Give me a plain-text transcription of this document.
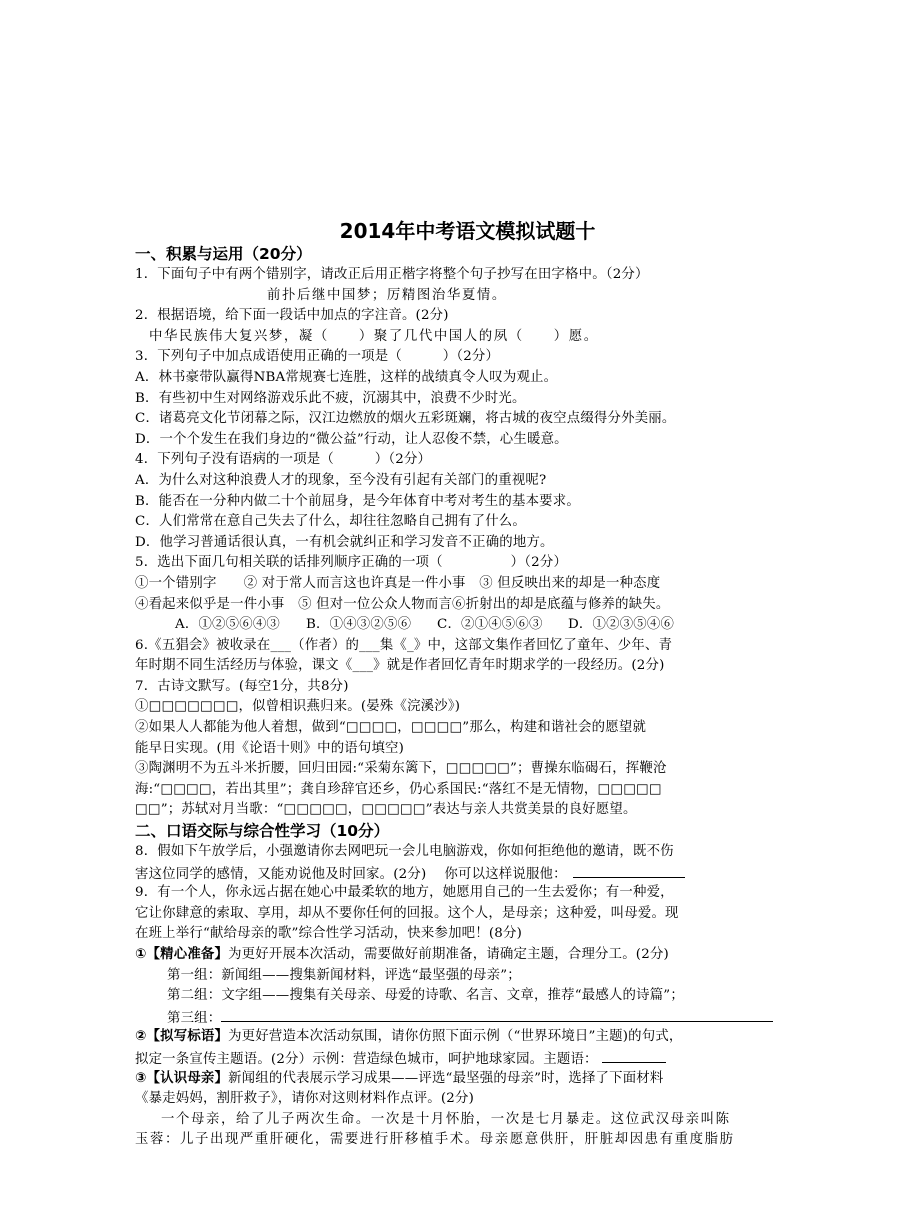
2014年中考语文模拟试题十
一、积累与运用（20分）
1．下面句子中有两个错别字，请改正后用正楷字将整个句子抄写在田字格中。（2分）
前扑后继中国梦；厉精图治华夏情。
2．根据语境，给下面一段话中加点的字注音。(2分)
中华民族伟大复兴梦，凝（　　）聚了几代中国人的夙（　　）愿。
3．下列句子中加点成语使用正确的一项是（　　　）（2分）
A．林书豪带队赢得NBA常规赛七连胜，这样的战绩真令人叹为观止。
B．有些初中生对网络游戏乐此不疲，沉溺其中，浪费不少时光。
C．诸葛亮文化节闭幕之际，汉江边燃放的烟火五彩斑斓，将古城的夜空点缀得分外美丽。
D．一个个发生在我们身边的“微公益”行动，让人忍俊不禁，心生暖意。
4．下列句子没有语病的一项是（　　　）（2分）
A．为什么对这种浪费人才的现象，至今没有引起有关部门的重视呢?
B．能否在一分种内做二十个前屈身，是今年体育中考对考生的基本要求。
C．人们常常在意自己失去了什么，却往往忽略自己拥有了什么。
D．他学习普通话很认真，一有机会就纠正和学习发音不正确的地方。
5．选出下面几句相关联的话排列顺序正确的一项（　　　　　）（2分）
①一个错别字　　② 对于常人而言这也许真是一件小事　③ 但反映出来的却是一种态度
④看起来似乎是一件小事　⑤ 但对一位公众人物而言⑥折射出的却是底蕴与修养的缺失。
A．①②⑤⑥④③ B．①④③②⑤⑥ C．②①④⑤⑥③ D．①②③⑤④⑥
6.《五猖会》被收录在___（作者）的___集《_》中，这部文集作者回忆了童年、少年、青
年时期不同生活经历与体验，课文《___》就是作者回忆青年时期求学的一段经历。(2分)
7．古诗文默写。(每空1分，共8分)
①□□□□□□□，似曾相识燕归来。(晏殊《浣溪沙》)
②如果人人都能为他人着想，做到“□□□□，□□□□”那么，构建和谐社会的愿望就
能早日实现。(用《论语十则》中的语句填空)
③陶渊明不为五斗米折腰，回归田园:“采菊东篱下，□□□□□”；曹操东临碣石，挥鞭沧
海:“□□□□，若出其里”；龚自珍辞官还乡，仍心系国民:“落红不是无情物，□□□□□
□□”；苏轼对月当歌：“□□□□□，□□□□□”表达与亲人共赏美景的良好愿望。
二、口语交际与综合性学习（10分）
8．假如下午放学后，小强邀请你去网吧玩一会儿电脑游戏，你如何拒绝他的邀请，既不伤
害这位同学的感情，又能劝说他及时回家。(2分)　 你可以这样说服他：
9．有一个人，你永远占据在她心中最柔软的地方，她愿用自己的一生去爱你；有一种爱，
它让你肆意的索取、享用，却从不要你任何的回报。这个人，是母亲；这种爱，叫母爱。现
在班上举行“献给母亲的歌”综合性学习活动，快来参加吧！(8分)
①【精心准备】为更好开展本次活动，需要做好前期准备，请确定主题，合理分工。(2分)
第一组：新闻组——搜集新闻材料，评选“最坚强的母亲”；
第二组：文字组——搜集有关母亲、母爱的诗歌、名言、文章，推荐“最感人的诗篇”；
第三组：
②【拟写标语】为更好营造本次活动氛围，请你仿照下面示例（“世界环境日”主题)的句式，
拟定一条宣传主题语。(2分）示例：营造绿色城市，呵护地球家园。主题语：
③【认识母亲】新闻组的代表展示学习成果——评选“最坚强的母亲”时，选择了下面材料
《暴走妈妈，割肝救子》，请你对这则材料作点评。(2分)
一个母亲，给了儿子两次生命。一次是十月怀胎，一次是七月暴走。这位武汉母亲叫陈
玉蓉：儿子出现严重肝硬化，需要进行肝移植手术。母亲愿意供肝，肝脏却因患有重度脂肪
